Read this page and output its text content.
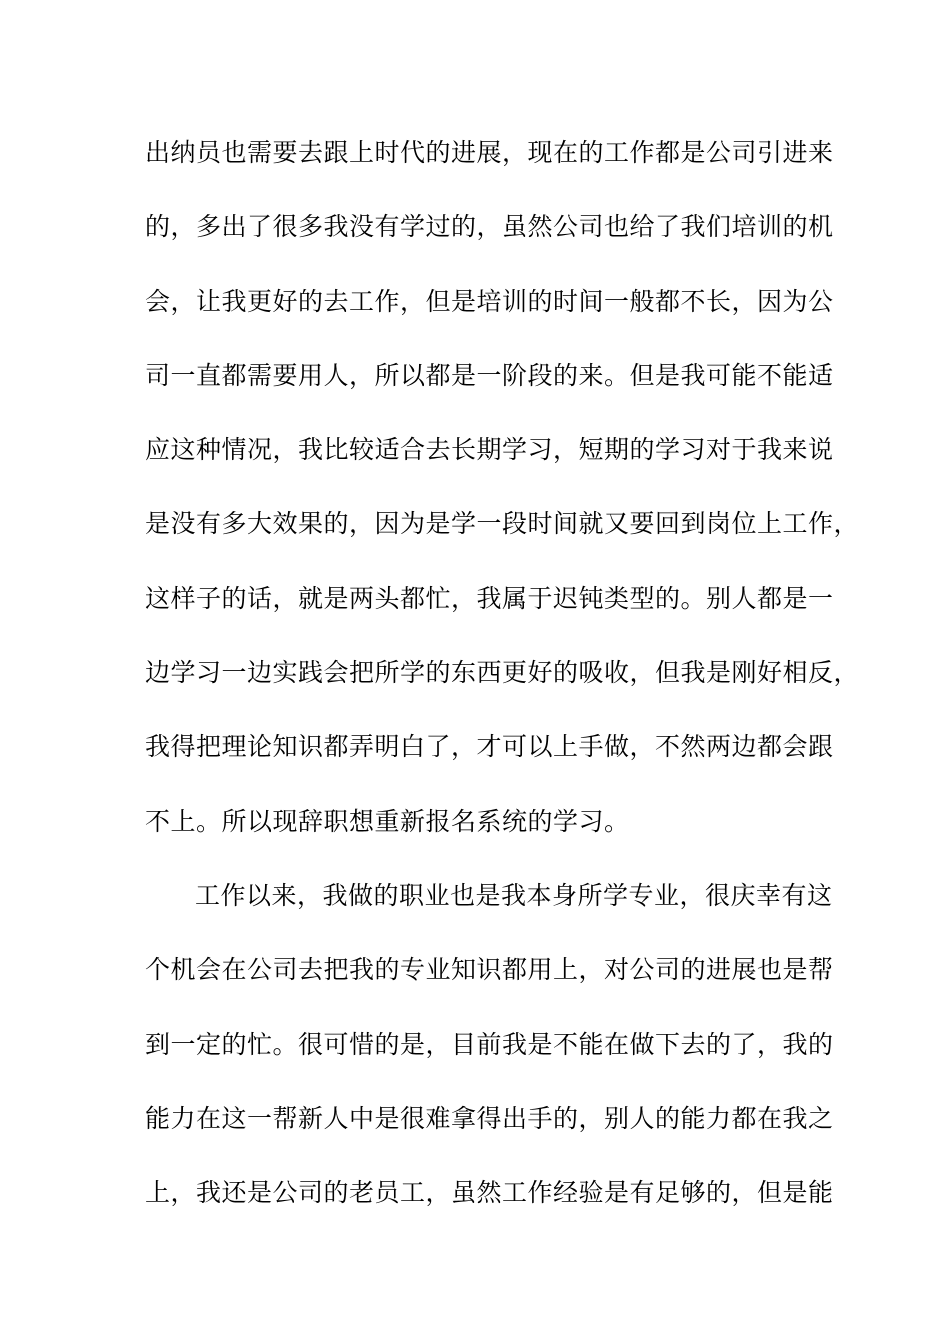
出纳员也需要去跟上时代的进展，现在的工作都是公司引进来
的，多出了很多我没有学过的，虽然公司也给了我们培训的机
会，让我更好的去工作，但是培训的时间一般都不长，因为公
司一直都需要用人，所以都是一阶段的来。但是我可能不能适
应这种情况，我比较适合去长期学习，短期的学习对于我来说
是没有多大效果的，因为是学一段时间就又要回到岗位上工作，
这样子的话，就是两头都忙，我属于迟钝类型的。别人都是一
边学习一边实践会把所学的东西更好的吸收，但我是刚好相反，
我得把理论知识都弄明白了，才可以上手做，不然两边都会跟
不上。所以现辞职想重新报名系统的学习。
工作以来，我做的职业也是我本身所学专业，很庆幸有这
个机会在公司去把我的专业知识都用上，对公司的进展也是帮
到一定的忙。很可惜的是，目前我是不能在做下去的了，我的
能力在这一帮新人中是很难拿得出手的，别人的能力都在我之
上，我还是公司的老员工，虽然工作经验是有足够的，但是能
